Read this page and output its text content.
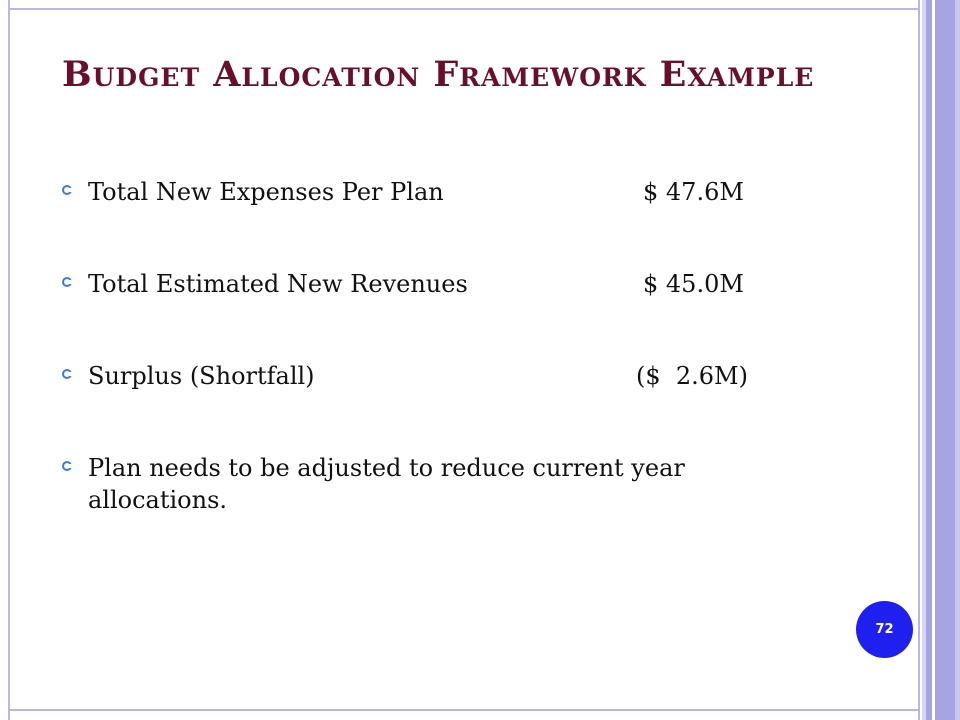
Budget Allocation Framework Example
Total New Expenses Per Plan	$ 47.6M
Total Estimated New Revenues	$ 45.0M
Surplus (Shortfall)	($  2.6M)
Plan needs to be adjusted to reduce current year allocations.
72
